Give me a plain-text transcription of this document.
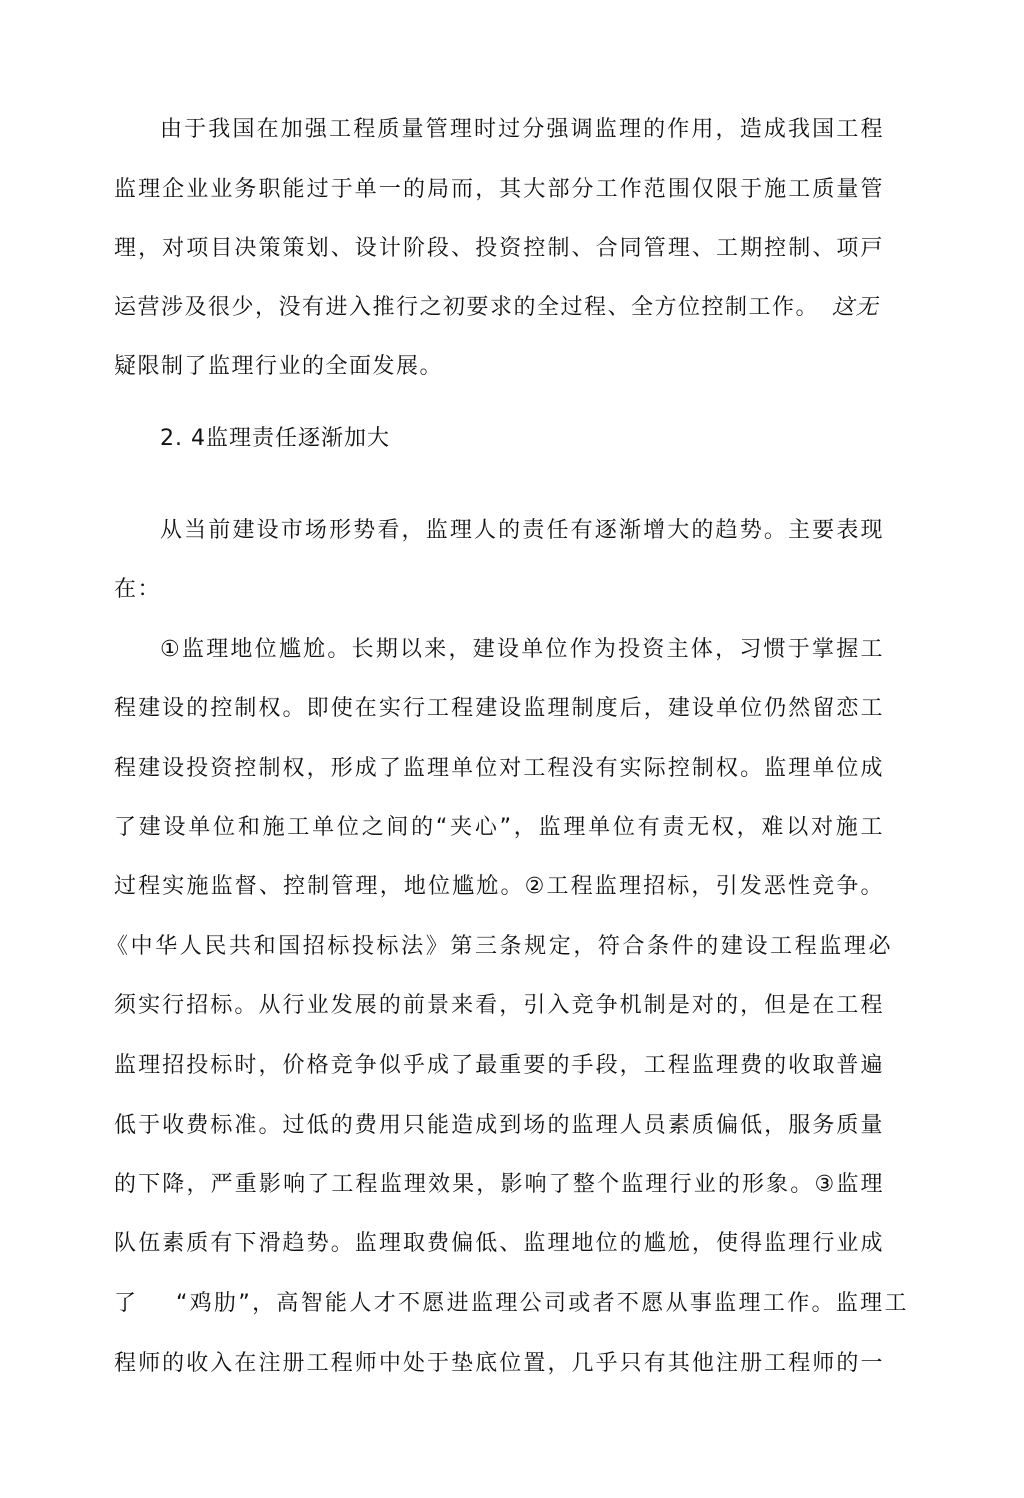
由于我国在加强工程质量管理时过分强调监理的作用，造成我国工程
监理企业业务职能过于单一的局而，其大部分工作范围仅限于施工质量管
理，对项目决策策划、设计阶段、投资控制、合同管理、工期控制、项戸
运营涉及很少，没有进入推行之初要求的全过程、全方位控制工作。 这无
疑限制了监理行业的全面发展。
2. 4监理责任逐渐加大
从当前建设市场形势看，监理人的责任有逐渐增大的趋势。主要表现
在：
①监理地位尴尬。长期以来，建设单位作为投资主体，习惯于掌握工
程建设的控制权。即使在实行工程建设监理制度后，建设单位仍然留恋工
程建设投资控制权，形成了监理单位对工程没有实际控制权。监理单位成
了建设单位和施工单位之间的“夹心”，监理单位有责无权，难以对施工
过程实施监督、控制管理，地位尴尬。②工程监理招标，引发恶性竞争。
《中华人民共和国招标投标法》第三条规定，符合条件的建设工程监理必
须实行招标。从行业发展的前景来看，引入竞争机制是对的，但是在工程
监理招投标时，价格竞争似乎成了最重要的手段，工程监理费的收取普遍
低于收费标准。过低的费用只能造成到场的监理人员素质偏低，服务质量
的下降，严重影响了工程监理效果，影响了整个监理行业的形象。③监理
队伍素质有下滑趋势。监理取费偏低、监理地位的尴尬，使得监理行业成
了	“鸡肋”，高智能人才不愿进监理公司或者不愿从事监理工作。监理工
程师的收入在注册工程师中处于垫底位置，几乎只有其他注册工程师的一
